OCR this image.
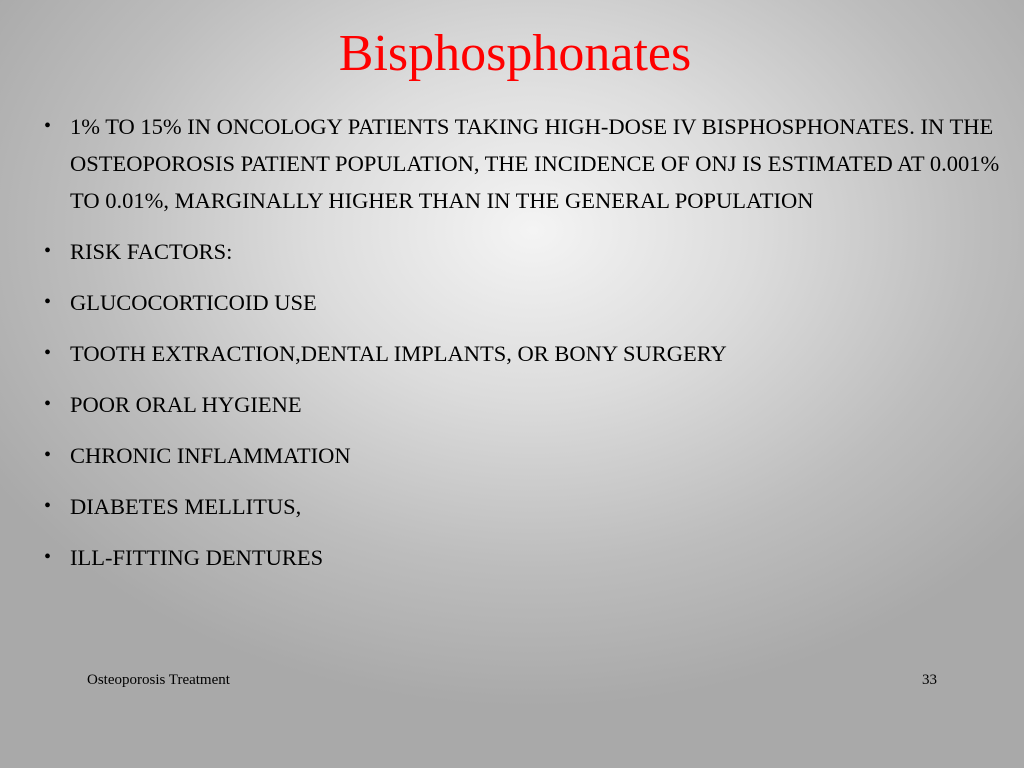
Bisphosphonates
• 1% TO 15% IN ONCOLOGY PATIENTS TAKING HIGH-DOSE IV BISPHOSPHONATES. IN THE OSTEOPOROSIS PATIENT POPULATION, THE INCIDENCE OF ONJ IS ESTIMATED AT 0.001% TO 0.01%, MARGINALLY HIGHER THAN IN THE GENERAL POPULATION
• RISK FACTORS:
• GLUCOCORTICOID USE
• TOOTH EXTRACTION,DENTAL IMPLANTS, OR BONY SURGERY
• POOR ORAL HYGIENE
• CHRONIC INFLAMMATION
• DIABETES MELLITUS,
• ILL-FITTING DENTURES
Osteoporosis Treatment	33
